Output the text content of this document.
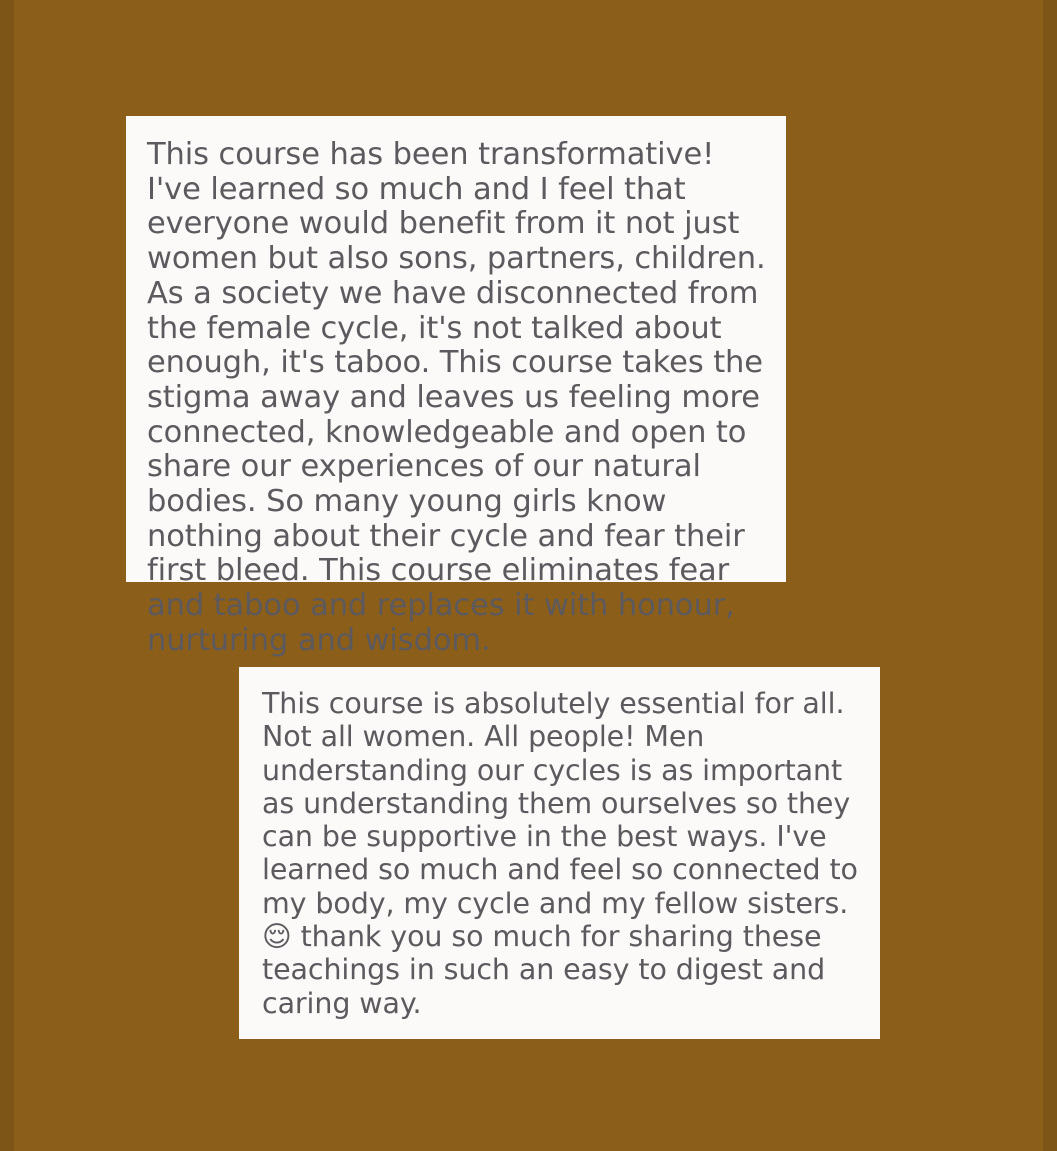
This course has been transformative! I've learned so much and I feel that everyone would benefit from it not just women but also sons, partners, children. As a society we have disconnected from the female cycle, it's not talked about enough, it's taboo. This course takes the stigma away and leaves us feeling more connected, knowledgeable and open to share our experiences of our natural bodies. So many young girls know nothing about their cycle and fear their first bleed. This course eliminates fear and taboo and replaces it with honour, nurturing and wisdom.
This course is absolutely essential for all. Not all women. All people! Men understanding our cycles is as important as understanding them ourselves so they can be supportive in the best ways. I've learned so much and feel so connected to my body, my cycle and my fellow sisters. 😌 thank you so much for sharing these teachings in such an easy to digest and caring way.
